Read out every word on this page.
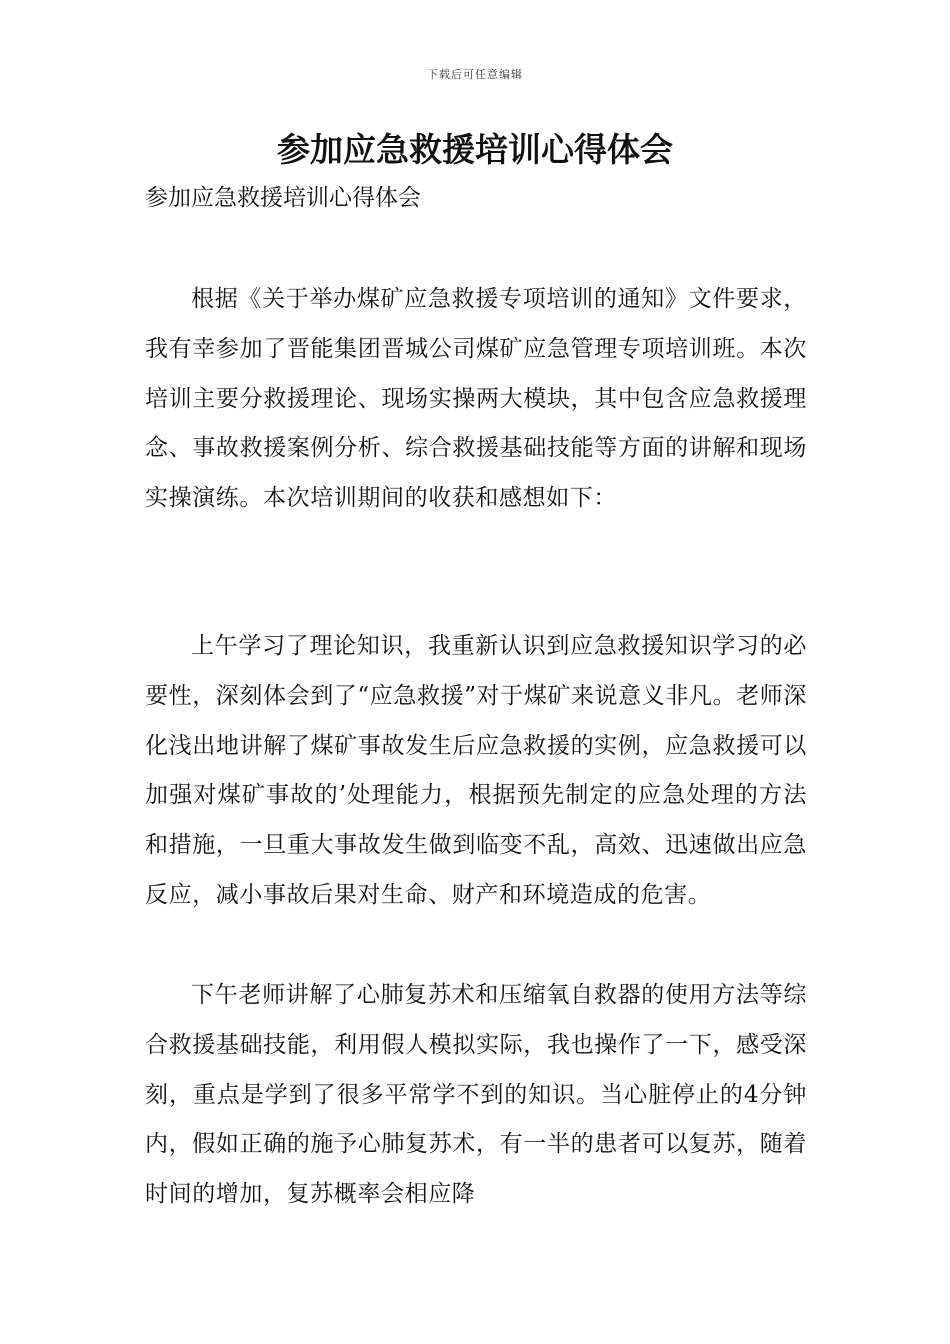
下载后可任意编辑
参加应急救援培训心得体会

参加应急救援培训心得体会

根据《关于举办煤矿应急救援专项培训的通知》文件要求，我有幸参加了晋能集团晋城公司煤矿应急管理专项培训班。本次培训主要分救援理论、现场实操两大模块，其中包含应急救援理念、事故救援案例分析、综合救援基础技能等方面的讲解和现场实操演练。本次培训期间的收获和感想如下：

上午学习了理论知识，我重新认识到应急救援知识学习的必要性，深刻体会到了“应急救援”对于煤矿来说意义非凡。老师深化浅出地讲解了煤矿事故发生后应急救援的实例，应急救援可以加强对煤矿事故的’处理能力，根据预先制定的应急处理的方法和措施，一旦重大事故发生做到临变不乱，高效、迅速做出应急反应，减小事故后果对生命、财产和环境造成的危害。

下午老师讲解了心肺复苏术和压缩氧自救器的使用方法等综合救援基础技能，利用假人模拟实际，我也操作了一下，感受深刻，重点是学到了很多平常学不到的知识。当心脏停止的4分钟内，假如正确的施予心肺复苏术，有一半的患者可以复苏，随着时间的增加，复苏概率会相应降
